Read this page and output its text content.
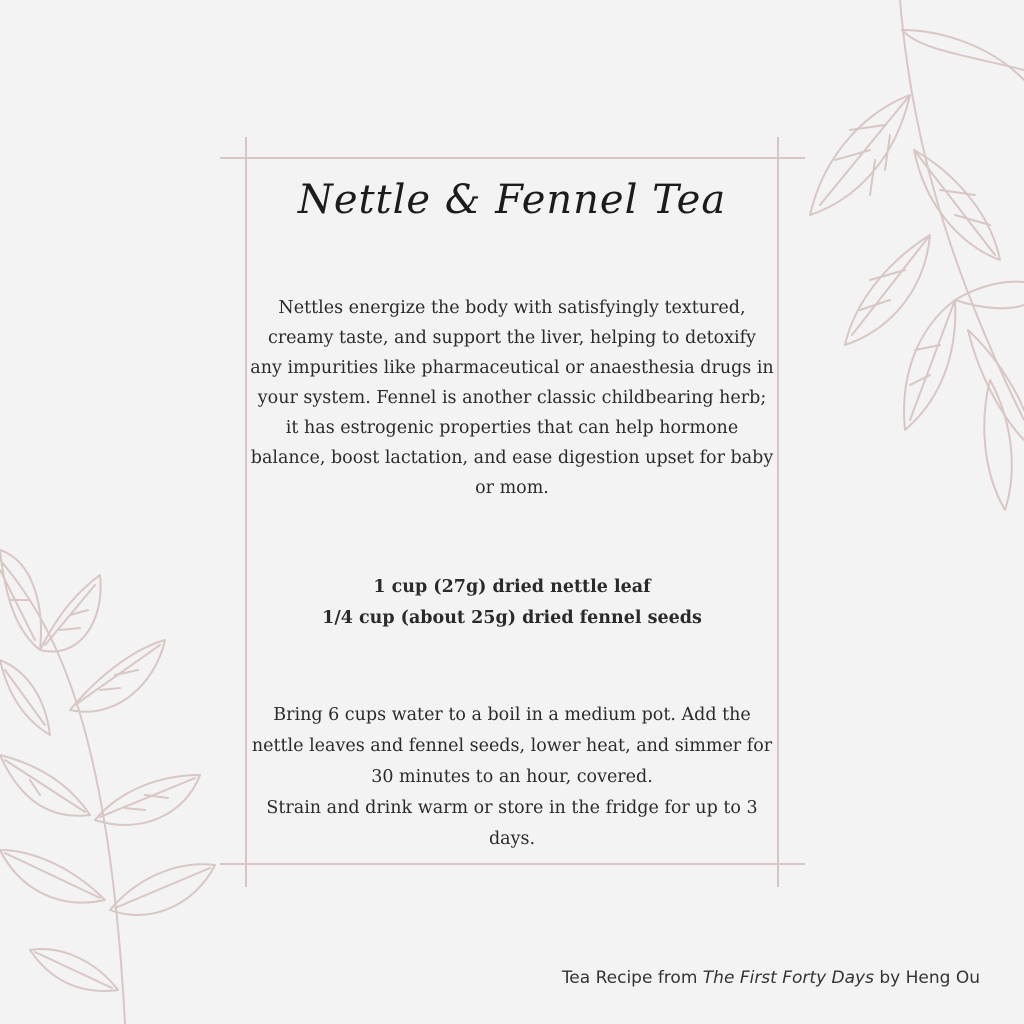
Nettle & Fennel Tea

Nettles energize the body with satisfyingly textured, creamy taste, and support the liver, helping to detoxify any impurities like pharmaceutical or anaesthesia drugs in your system. Fennel is another classic childbearing herb; it has estrogenic properties that can help hormone balance, boost lactation, and ease digestion upset for baby or mom.

1 cup (27g) dried nettle leaf
1/4 cup (about 25g) dried fennel seeds
Bring 6 cups water to a boil in a medium pot. Add the nettle leaves and fennel seeds, lower heat, and simmer for 30 minutes to an hour, covered.
Strain and drink warm or store in the fridge for up to 3 days.
Tea Recipe from The First Forty Days by Heng Ou
